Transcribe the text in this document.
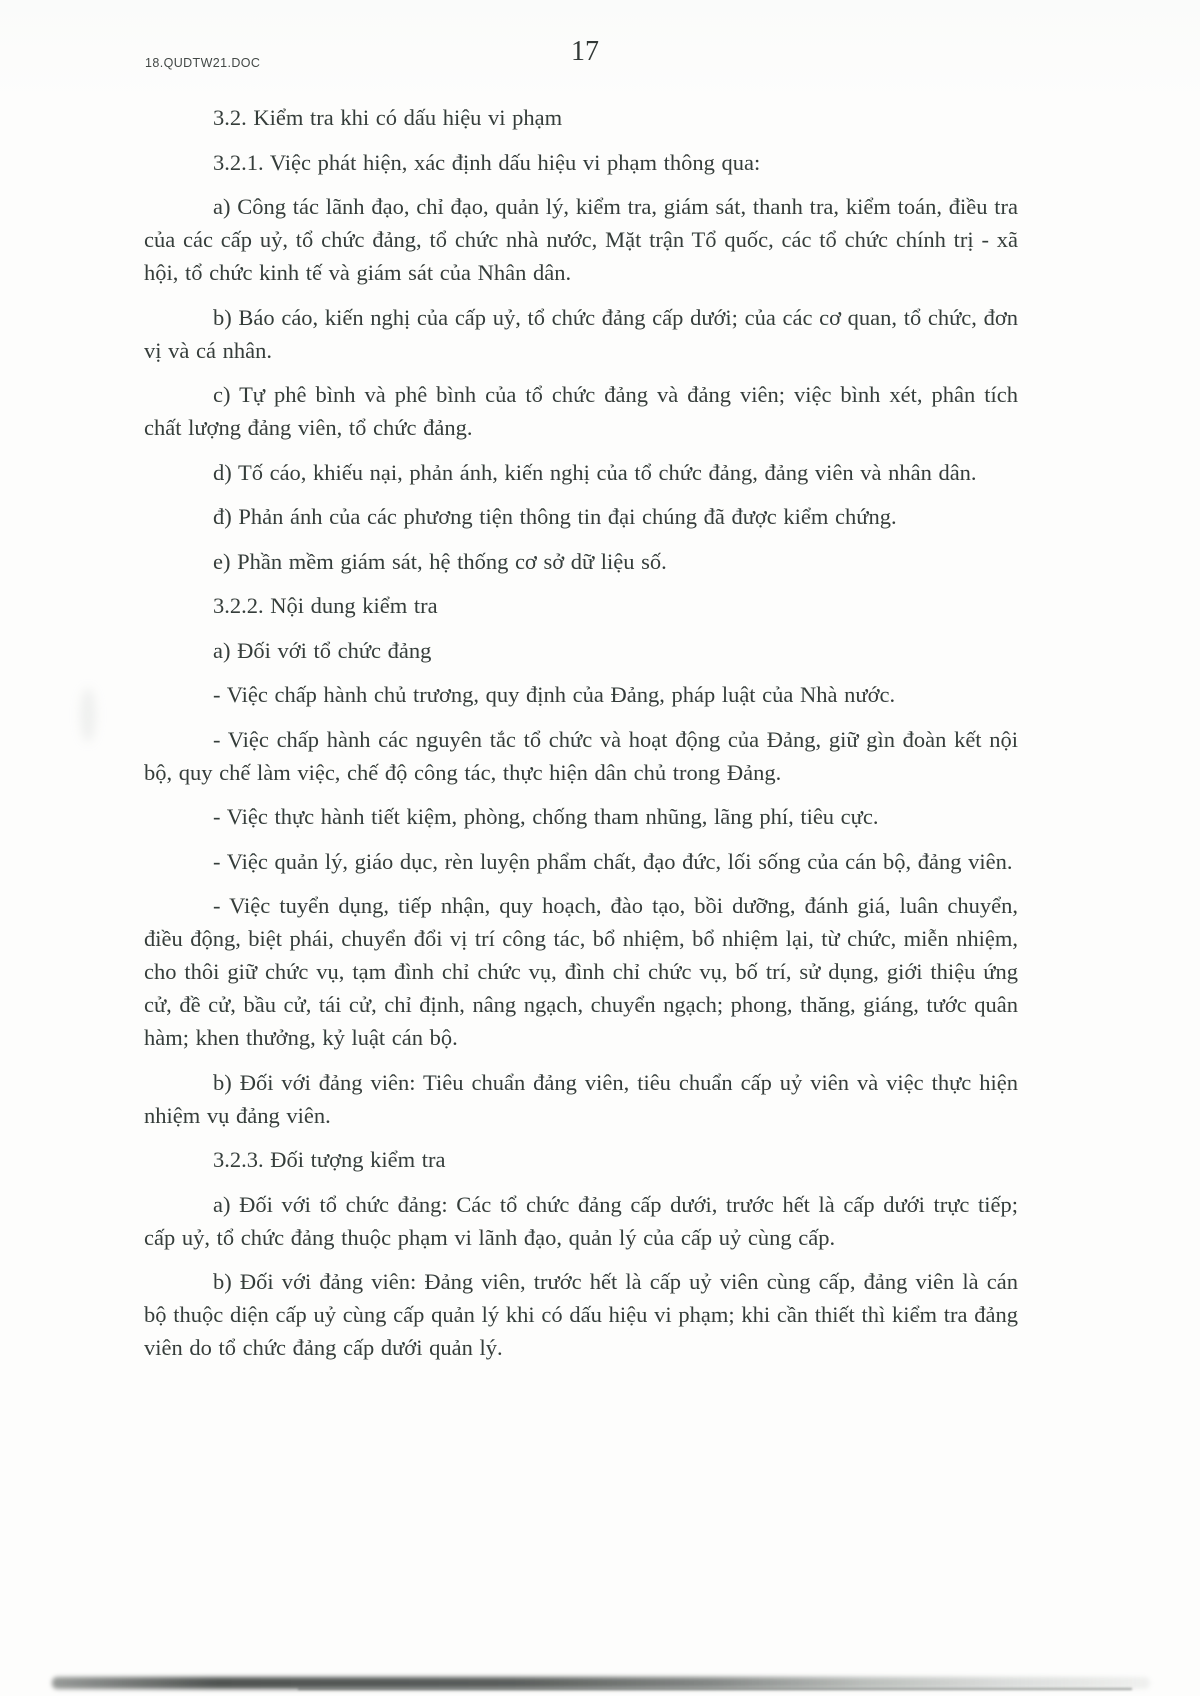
18.QUDTW21.DOC	17

3.2. Kiểm tra khi có dấu hiệu vi phạm

3.2.1. Việc phát hiện, xác định dấu hiệu vi phạm thông qua:

a) Công tác lãnh đạo, chỉ đạo, quản lý, kiểm tra, giám sát, thanh tra, kiểm toán, điều tra của các cấp uỷ, tổ chức đảng, tổ chức nhà nước, Mặt trận Tổ quốc, các tổ chức chính trị - xã hội, tổ chức kinh tế và giám sát của Nhân dân.

b) Báo cáo, kiến nghị của cấp uỷ, tổ chức đảng cấp dưới; của các cơ quan, tổ chức, đơn vị và cá nhân.

c) Tự phê bình và phê bình của tổ chức đảng và đảng viên; việc bình xét, phân tích chất lượng đảng viên, tổ chức đảng.

d) Tố cáo, khiếu nại, phản ánh, kiến nghị của tổ chức đảng, đảng viên và nhân dân.

đ) Phản ánh của các phương tiện thông tin đại chúng đã được kiểm chứng.

e) Phần mềm giám sát, hệ thống cơ sở dữ liệu số.

3.2.2. Nội dung kiểm tra

a) Đối với tổ chức đảng

- Việc chấp hành chủ trương, quy định của Đảng, pháp luật của Nhà nước.

- Việc chấp hành các nguyên tắc tổ chức và hoạt động của Đảng, giữ gìn đoàn kết nội bộ, quy chế làm việc, chế độ công tác, thực hiện dân chủ trong Đảng.

- Việc thực hành tiết kiệm, phòng, chống tham nhũng, lãng phí, tiêu cực.

- Việc quản lý, giáo dục, rèn luyện phẩm chất, đạo đức, lối sống của cán bộ, đảng viên.

- Việc tuyển dụng, tiếp nhận, quy hoạch, đào tạo, bồi dưỡng, đánh giá, luân chuyển, điều động, biệt phái, chuyển đổi vị trí công tác, bổ nhiệm, bổ nhiệm lại, từ chức, miễn nhiệm, cho thôi giữ chức vụ, tạm đình chỉ chức vụ, đình chỉ chức vụ, bố trí, sử dụng, giới thiệu ứng cử, đề cử, bầu cử, tái cử, chỉ định, nâng ngạch, chuyển ngạch; phong, thăng, giáng, tước quân hàm; khen thưởng, kỷ luật cán bộ.

b) Đối với đảng viên: Tiêu chuẩn đảng viên, tiêu chuẩn cấp uỷ viên và việc thực hiện nhiệm vụ đảng viên.

3.2.3. Đối tượng kiểm tra

a) Đối với tổ chức đảng: Các tổ chức đảng cấp dưới, trước hết là cấp dưới trực tiếp; cấp uỷ, tổ chức đảng thuộc phạm vi lãnh đạo, quản lý của cấp uỷ cùng cấp.

b) Đối với đảng viên: Đảng viên, trước hết là cấp uỷ viên cùng cấp, đảng viên là cán bộ thuộc diện cấp uỷ cùng cấp quản lý khi có dấu hiệu vi phạm; khi cần thiết thì kiểm tra đảng viên do tổ chức đảng cấp dưới quản lý.
